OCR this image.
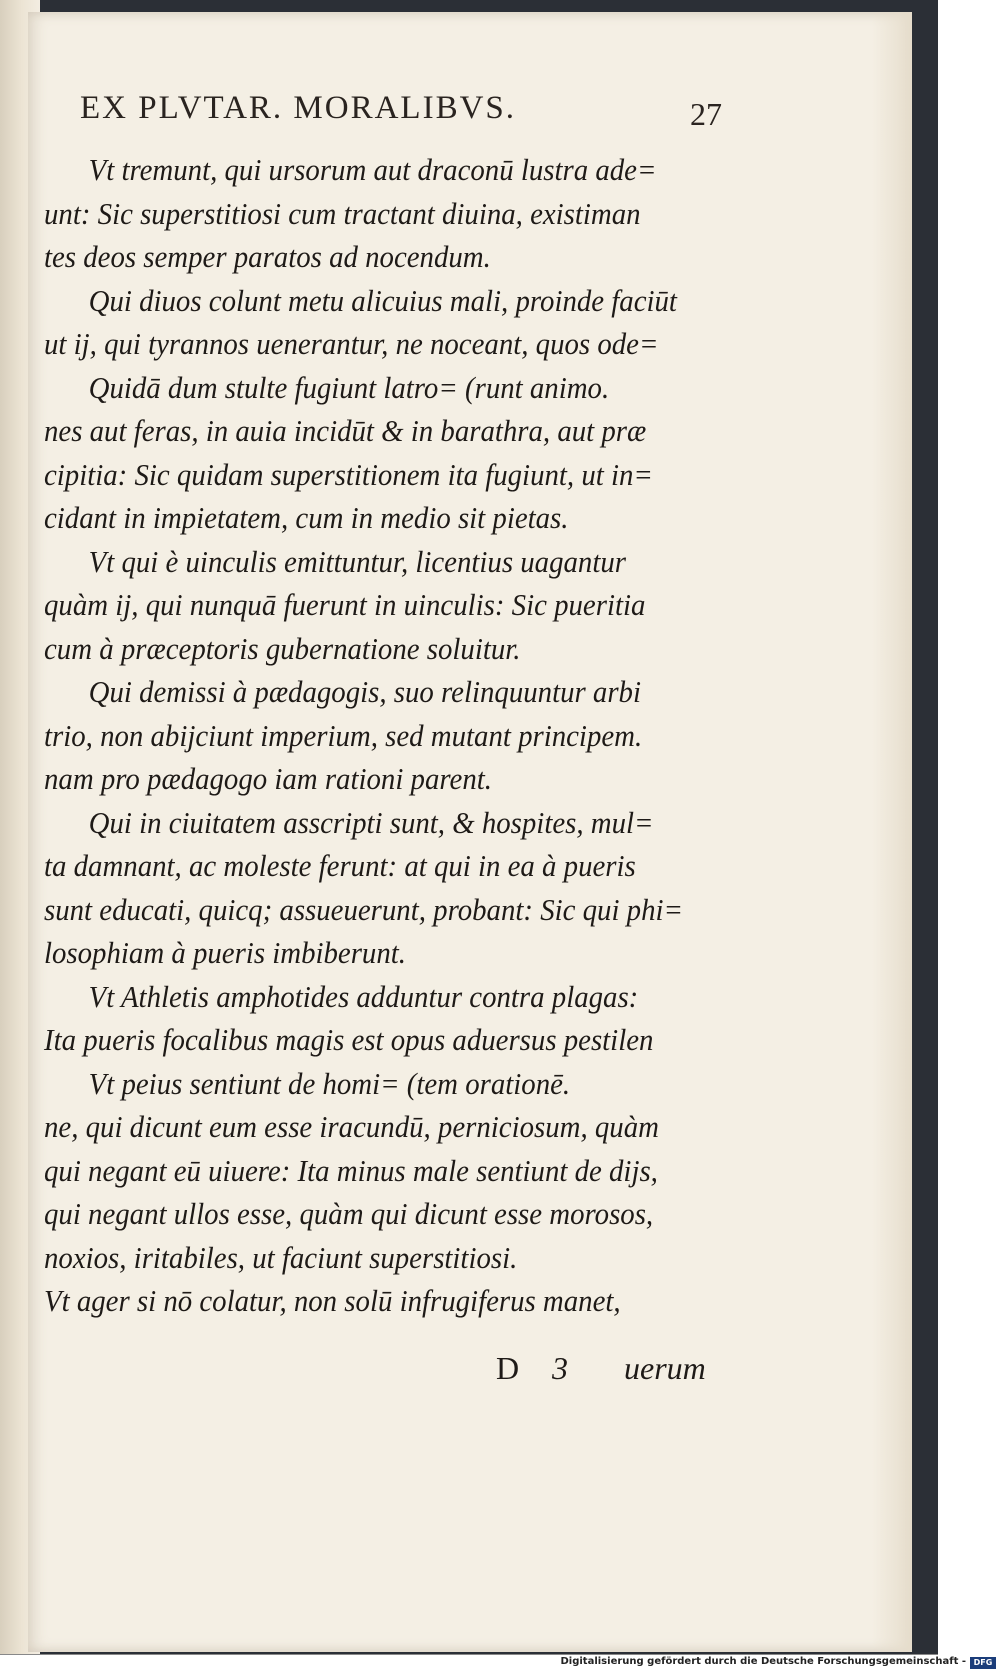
EX PLVTAR. MORALIBVS.	27
Vt tremunt, qui ursorum aut draconū lustra ade=
unt: Sic superstitiosi cum tractant diuina, existiman
tes deos semper paratos ad nocendum.
Qui diuos colunt metu alicuius mali, proinde faciūt
ut ij, qui tyrannos uenerantur, ne noceant, quos ode=
Quidā dum stulte fugiunt latro= (runt animo.
nes aut feras, in auia incidūt & in barathra, aut præ
cipitia: Sic quidam superstitionem ita fugiunt, ut in=
cidant in impietatem, cum in medio sit pietas.
Vt qui è uinculis emittuntur, licentius uagantur
quàm ij, qui nunquā fuerunt in uinculis: Sic pueritia
cum à præceptoris gubernatione soluitur.
Qui demissi à pædagogis, suo relinquuntur arbi
trio, non abijciunt imperium, sed mutant principem.
nam pro pædagogo iam rationi parent.
Qui in ciuitatem asscripti sunt, & hospites, mul=
ta damnant, ac moleste ferunt: at qui in ea à pueris
sunt educati, quicq; assueuerunt, probant: Sic qui phi=
losophiam à pueris imbiberunt.
Vt Athletis amphotides adduntur contra plagas:
Ita pueris focalibus magis est opus aduersus pestilen
Vt peius sentiunt de homi= (tem orationē.
ne, qui dicunt eum esse iracundū, perniciosum, quàm
qui negant eū uiuere: Ita minus male sentiunt de dijs,
qui negant ullos esse, quàm qui dicunt esse morosos,
noxios, iritabiles, ut faciunt superstitiosi.
Vt ager si nō colatur, non solū infrugiferus manet,
D 3 uerum
Digitalisierung gefördert durch die Deutsche Forschungsgemeinschaft - DFG
